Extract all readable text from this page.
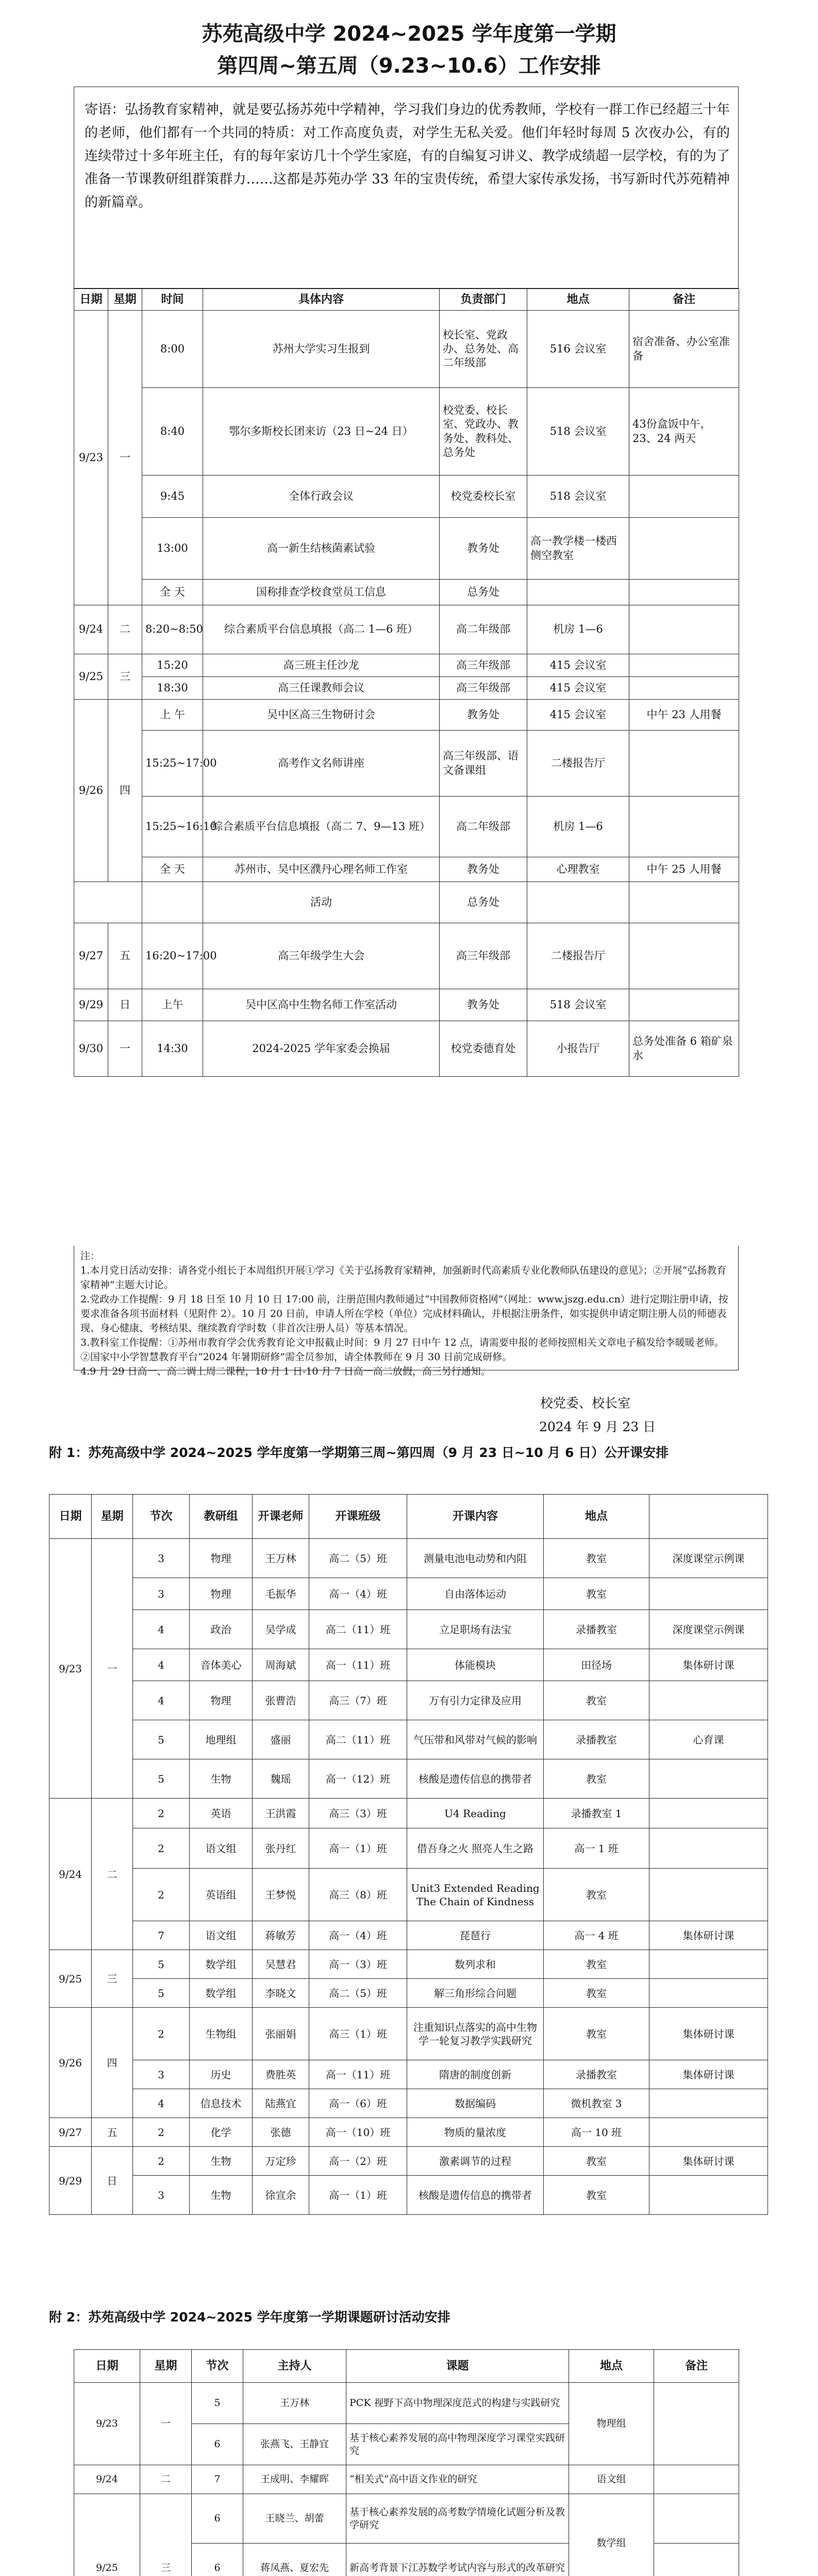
苏苑高级中学 2024~2025 学年度第一学期
第四周~第五周（9.23~10.6）工作安排
寄语：弘扬教育家精神，就是要弘扬苏苑中学精神，学习我们身边的优秀教师，学校有一群工作已经超三十年的老师，他们都有一个共同的特质：对工作高度负责，对学生无私关爱。他们年轻时每周 5 次夜办公，有的连续带过十多年班主任，有的每年家访几十个学生家庭，有的自编复习讲义、教学成绩超一层学校，有的为了准备一节课教研组群策群力……这都是苏苑办学 33 年的宝贵传统，希望大家传承发扬，书写新时代苏苑精神的新篇章。
日期	星期	时间	具体内容	负责部门	地点	备注
9/23	一	8:00	苏州大学实习生报到	校长室、党政办、总务处、高二年级部	516 会议室	宿舍准备、办公室准备
		8:40	鄂尔多斯校长团来访（23 日~24 日）	校党委、校长室、党政办、教务处、教科处、总务处	518 会议室	43份盒饭中午，23、24 两天
		9:45	全体行政会议	校党委校长室	518 会议室	
		13:00	高一新生结核菌素试验	教务处	高一教学楼一楼西侧空教室	
		全 天	国称排查学校食堂员工信息	总务处		
9/24	二	8:20~8:50	综合素质平台信息填报（高二 1—6 班）	高二年级部	机房 1—6	
9/25	三	15:20	高三班主任沙龙	高三年级部	415 会议室	
		18:30	高三任课教师会议	高三年级部	415 会议室	
9/26	四	上 午	吴中区高三生物研讨会	教务处	415 会议室	中午 23 人用餐
		15:25~17:00	高考作文名师讲座	高三年级部、语文备课组	二楼报告厅	
		15:25~16:10	综合素质平台信息填报（高二 7、9—13 班）	高二年级部	机房 1—6	
		全 天	苏州市、吴中区濮丹心理名师工作室	教务处	心理教室	中午 25 人用餐
			活动	总务处		
9/27	五	16:20~17:00	高三年级学生大会	高三年级部	二楼报告厅	
9/29	日	上午	吴中区高中生物名师工作室活动	教务处	518 会议室	
9/30	一	14:30	2024-2025 学年家委会换届	校党委德育处	小报告厅	总务处准备 6 箱矿泉水

注：

1.本月党日活动安排：请各党小组长于本周组织开展①学习《关于弘扬教育家精神，加强新时代高素质专业化教师队伍建设的意见》；②开展“弘扬教育家精神”主题大讨论。

2.党政办工作提醒：9 月 18 日至 10 月 10 日 17:00 前，注册范围内教师通过“中国教师资格网”（网址：www.jszg.edu.cn）进行定期注册申请，按要求准备各项书面材料（见附件 2）。10 月 20 日前，申请人所在学校（单位）完成材料确认，并根据注册条件，如实提供申请定期注册人员的师德表现、身心健康、考核结果、继续教育学时数（非首次注册人员）等基本情况。

3.教科室工作提醒：①苏州市教育学会优秀教育论文申报截止时间：9 月 27 日中午 12 点，请需要申报的老师按照相关文章电子稿发给李暖暖老师。②国家中小学智慧教育平台“2024 年暑期研修”需全员参加，请全体教师在 9 月 30 日前完成研修。

4.9 月 29 日高一、高二调上周二课程，10 月 1 日-10 月 7 日高一高二放假，高三另行通知。

校党委、校长室
2024 年 9 月 23 日
附 1：苏苑高级中学 2024~2025 学年度第一学期第三周~第四周（9 月 23 日~10 月 6 日）公开课安排
日期	星期	节次	教研组	开课老师	开课班级	开课内容	地点	
9/23	一	3	物理	王万林	高二（5）班	测量电池电动势和内阻	教室	深度课堂示例课
		3	物理	毛振华	高一（4）班	自由落体运动	教室	
		4	政治	吴学成	高二（11）班	立足职场有法宝	录播教室	深度课堂示例课
		4	音体美心	周海斌	高一（11）班	体能模块	田径场	集体研讨课
		4	物理	张曹浩	高三（7）班	万有引力定律及应用	教室	
		5	地理组	盛丽	高二（11）班	气压带和风带对气候的影响	录播教室	心育课
		5	生物	魏瑶	高一（12）班	核酸是遗传信息的携带者	教室	
9/24	二	2	英语	王洪霞	高三（3）班	U4 Reading	录播教室 1	
		2	语文组	张丹红	高一（1）班	借吾身之火 照亮人生之路	高一 1 班	
		2	英语组	王梦悦	高三（8）班	Unit3 Extended Reading The Chain of Kindness	教室	
		7	语文组	蒋敏芳	高一（4）班	琵琶行	高一 4 班	集体研讨课
9/25	三	5	数学组	吴慧君	高一（3）班	数列求和	教室	
		5	数学组	李晓文	高二（5）班	解三角形综合问题	教室	
9/26	四	2	生物组	张丽娟	高三（1）班	注重知识点落实的高中生物学一轮复习教学实践研究	教室	集体研讨课
		3	历史	费胜英	高一（11）班	隋唐的制度创新	录播教室	集体研讨课
		4	信息技术	陆燕宜	高一（6）班	数据编码	微机教室 3	
9/27	五	2	化学	张德	高一（10）班	物质的量浓度	高一 10 班	
9/29	日	2	生物	万定珍	高一（2）班	激素调节的过程	教室	集体研讨课
		3	生物	徐宣余	高一（1）班	核酸是遗传信息的携带者	教室	
附 2：苏苑高级中学 2024~2025 学年度第一学期课题研讨活动安排
日期	星期	节次	主持人	课题	地点	备注
9/23	一	5	王万林	PCK 视野下高中物理深度范式的构建与实践研究	物理组	
		6	张燕飞、王静宜	基于核心素养发展的高中物理深度学习课堂实践研究		
9/24	二	7	王成明、李耀晖	“相关式”高中语文作业的研究	语文组	
9/25	三	6	王晓兰、胡蕾	基于核心素养发展的高考数学情境化试题分析及教学研究	数学组	
		6	蒋凤燕、夏宏先	新高考背景下江苏数学考试内容与形式的改革研究		
